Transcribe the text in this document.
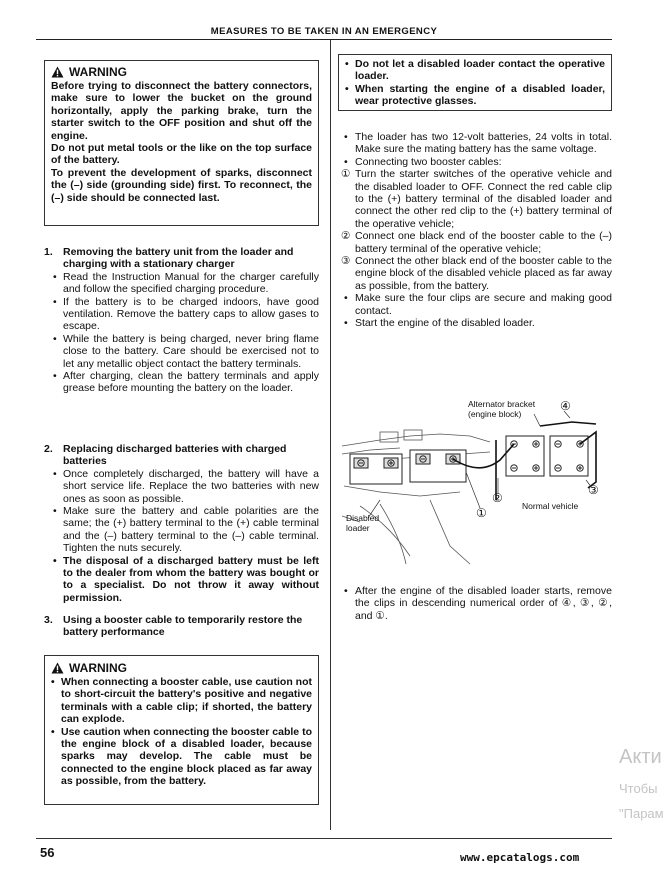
MEASURES TO BE TAKEN IN AN EMERGENCY
WARNING

Before trying to disconnect the battery connectors, make sure to lower the bucket on the ground horizontally, apply the parking brake, turn the starter switch to the OFF position and shut off the engine.

Do not put metal tools or the like on the top surface of the battery.

To prevent the development of sparks, disconnect the (–) side (grounding side) first. To reconnect, the (–) side should be connected last.

1. Removing the battery unit from the loader and charging with a stationary charger
• Read the Instruction Manual for the charger carefully and follow the specified charging procedure.
• If the battery is to be charged indoors, have good ventilation. Remove the battery caps to allow gases to escape.
• While the battery is being charged, never bring flame close to the battery. Care should be exercised not to let any metallic object contact the battery terminals.
• After charging, clean the battery terminals and apply grease before mounting the battery on the loader.
2. Replacing discharged batteries with charged batteries
• Once completely discharged, the battery will have a short service life. Replace the two batteries with new ones as soon as possible.
• Make sure the battery and cable polarities are the same; the (+) battery terminal to the (+) cable terminal and the (–) battery terminal to the (–) cable terminal. Tighten the nuts securely.
• The disposal of a discharged battery must be left to the dealer from whom the battery was bought or to a specialist. Do not throw it away without permission.
3. Using a booster cable to temporarily restore the battery performance
WARNING
• When connecting a booster cable, use caution not to short-circuit the battery's positive and negative terminals with a cable clip; if shorted, the battery can explode.
• Use caution when connecting the booster cable to the engine block of a disabled loader, because sparks may develop. The cable must be connected to the engine block placed as far away as possible, from the battery.
• Do not let a disabled loader contact the operative loader.
• When starting the engine of a disabled loader, wear protective glasses.
• The loader has two 12-volt batteries, 24 volts in total. Make sure the mating battery has the same voltage.
• Connecting two booster cables:
① Turn the starter switches of the operative vehicle and the disabled loader to OFF. Connect the red cable clip to the (+) battery terminal of the disabled loader and connect the other red clip to the (+) battery terminal of the operative vehicle;
② Connect one black end of the booster cable to the (–) battery terminal of the operative vehicle;
③ Connect the other black end of the booster cable to the engine block of the disabled vehicle placed as far away as possible, from the battery.
• Make sure the four clips are secure and making good contact.
• Start the engine of the disabled loader.
Alternator bracket
(engine block)
Normal vehicle
Disabled
loader
①
②
③
④
• After the engine of the disabled loader starts, remove the clips in descending numerical order of ④, ③, ②, and ①.
56	www.epcatalogs.com
Акти
Чтобы
"Парам
